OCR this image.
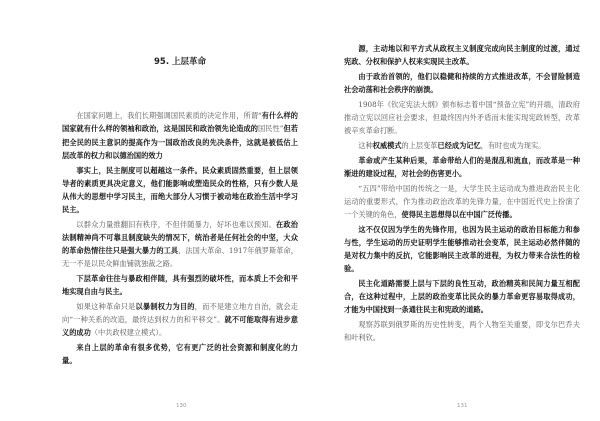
95. 上层革命

在国家问题上，我们长期强调国民素质的决定作用，所谓“有什么样的国家就有什么样的领袖和政治，这是国民和政治领先论造成的国民性”但若把全民的民主意识的提高作为一国政治改良的先决条件，这就是被低估上层改革的权力和以德治国的效力

事实上，民主制度可以超越这一条件。民众素质固然重要，但上层领导者的素质更具决定意义，他们能影响或塑造民众的性格，只有少数人是从伟大的思想中学习民主，而绝大部分人习惯于被动地在政治生活中学习民主。

以群众力量推翻旧有秩序，不但伴随暴力，好坏也难以预知。在政治法制精神尚不可靠且制度缺失的情况下，统治者是任何社会的中坚，大众的革命热情往往只是强大暴力的工具，法国大革命、1917年俄罗斯革命，无一不是以民众鲜血铺就独裁之路。

下层革命往往与暴政相伴随，具有强烈的破坏性，而本质上不会和平地实现自由与民主。

如果这种革命只是以暴制权力为目的，而不是建立地方自治，就会走向“一种关系的改造，最终达到权力的和平移交”。就不可能取得有进步意义的成功（中共政权建立模式）。

来自上层的革命有很多优势，它有更广泛的社会资源和制度化的力量。

源，主动地以和平方式从政权主义制度完成向民主制度的过渡，通过宪政、分权和保护人权来实现民主改革。

由于政治首领的，他们以稳健和持续的方式推进改革，不会冒险制造社会动荡和社会秩序的崩溃。

1908年《钦定宪法大纲》颁布标志着中国“预备立宪”的开端，清政府推动立宪以回应社会要求，但最终因内外矛盾而未能实现宪政转型，改革被辛亥革命打断。

这种权威模式的上层变革已经成为记忆，有时也成为现实。

革命或产生某种后果，革命带给人们的是混乱和流血，而改革是一种渐进的建设过程，对社会的伤害更小。

“五四”带给中国的传统之一是，大学生民主运动成为推进政治民主化运动的重要形式，作为推动政治改革的先锋力量，在中国近代史上扮演了一个关键的角色，使得民主思想得以在中国广泛传播。

这不仅仅因为学生的先锋作用，也因为民主运动的政治目标能力和参与性，学生运动的历史证明学生能够推动社会变革，民主运动必然伴随的是对权力集中的反抗，它能影响民主改革的进程，为权力带来合法性的检验。

民主化道路需要上层与下层的良性互动，政治精英和民间力量互相配合，在这种过程中，上层的政治变革比民众的暴力革命更容易取得成功，才能为中国找到一条通往民主和宪政的道路。

观察苏联到俄罗斯的历史性转变，两个人物至关重要，即戈尔巴乔夫和叶利钦。

130	131
